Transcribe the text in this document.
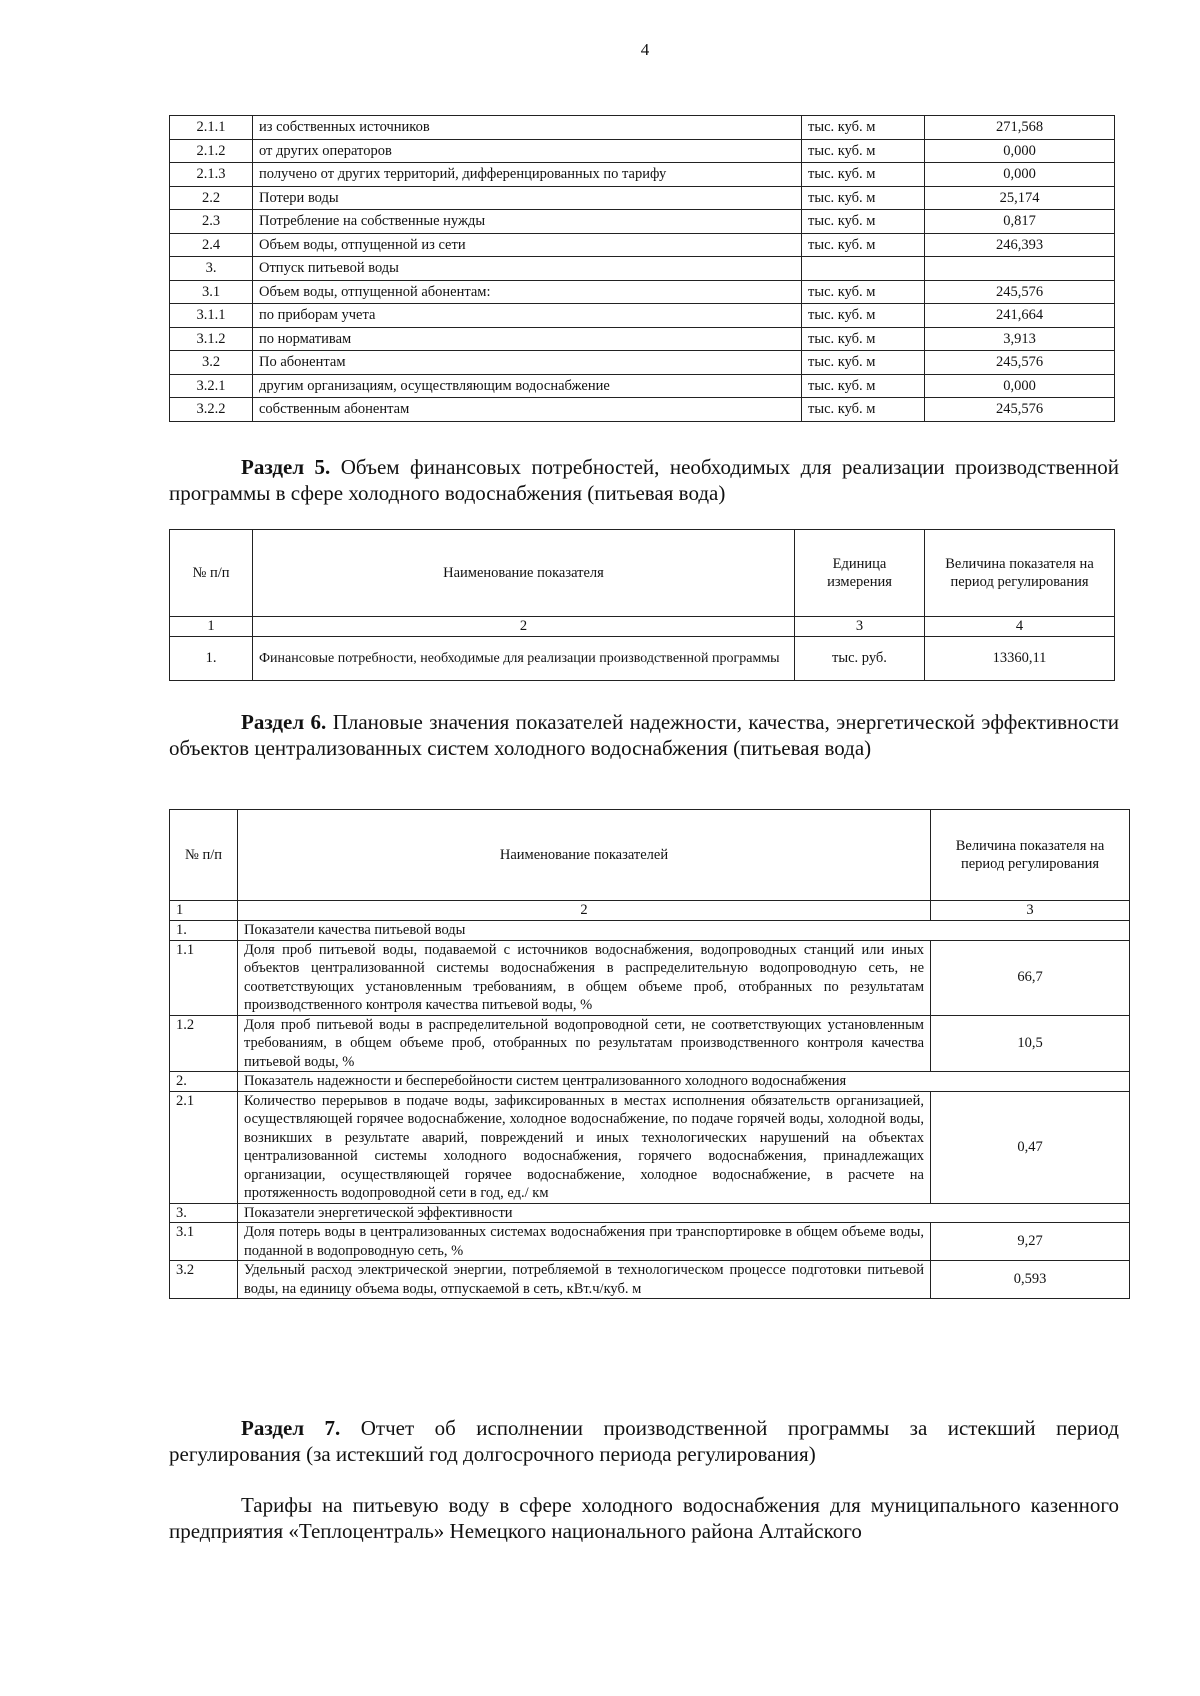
4
2.1.1	из собственных источников	тыс. куб. м	271,568
2.1.2	от других операторов	тыс. куб. м	0,000
2.1.3	получено от других территорий, дифференцированных по тарифу	тыс. куб. м	0,000
2.2	Потери воды	тыс. куб. м	25,174
2.3	Потребление на собственные нужды	тыс. куб. м	0,817
2.4	Объем воды, отпущенной из сети	тыс. куб. м	246,393
3.	Отпуск питьевой воды		
3.1	Объем воды, отпущенной абонентам:	тыс. куб. м	245,576
3.1.1	по приборам учета	тыс. куб. м	241,664
3.1.2	по нормативам	тыс. куб. м	3,913
3.2	По абонентам	тыс. куб. м	245,576
3.2.1	другим организациям, осуществляющим водоснабжение	тыс. куб. м	0,000
3.2.2	собственным абонентам	тыс. куб. м	245,576
Раздел 5. Объем финансовых потребностей, необходимых для реализации производственной программы в сфере холодного водоснабжения (питьевая вода)
№ п/п	Наименование показателя	Единица измерения	Величина показателя на период регулирования
1	2	3	4
1.	Финансовые потребности, необходимые для реализации производственной программы	тыс. руб.	13360,11
Раздел 6. Плановые значения показателей надежности, качества, энергетической эффективности объектов централизованных систем холодного водоснабжения (питьевая вода)
№ п/п	Наименование показателей	Величина показателя на период регулирования
1	2	3
1.	Показатели качества питьевой воды	
1.1	Доля проб питьевой воды, подаваемой с источников водоснабжения, водопроводных станций или иных объектов централизованной системы водоснабжения в распределительную водопроводную сеть, не соответствующих установленным требованиям, в общем объеме проб, отобранных по результатам производственного контроля качества питьевой воды, %	66,7
1.2	Доля проб питьевой воды в распределительной водопроводной сети, не соответствующих установленным требованиям, в общем объеме проб, отобранных по результатам производственного контроля качества питьевой воды, %	10,5
2.	Показатель надежности и бесперебойности систем централизованного холодного водоснабжения	
2.1	Количество перерывов в подаче воды, зафиксированных в местах исполнения обязательств организацией, осуществляющей горячее водоснабжение, холодное водоснабжение, по подаче горячей воды, холодной воды, возникших в результате аварий, повреждений и иных технологических нарушений на объектах централизованной системы холодного водоснабжения, горячего водоснабжения, принадлежащих организации, осуществляющей горячее водоснабжение, холодное водоснабжение, в расчете на протяженность водопроводной сети в год, ед./ км	0,47
3.	Показатели энергетической эффективности	
3.1	Доля потерь воды в централизованных системах водоснабжения при транспортировке в общем объеме воды, поданной в водопроводную сеть, %	9,27
3.2	Удельный расход электрической энергии, потребляемой в технологическом процессе подготовки питьевой воды, на единицу объема воды, отпускаемой в сеть, кВт.ч/куб. м	0,593
Раздел 7. Отчет об исполнении производственной программы за истекший период регулирования (за истекший год долгосрочного периода регулирования)
Тарифы на питьевую воду в сфере холодного водоснабжения для муниципального казенного предприятия «Теплоцентраль» Немецкого национального района Алтайского
